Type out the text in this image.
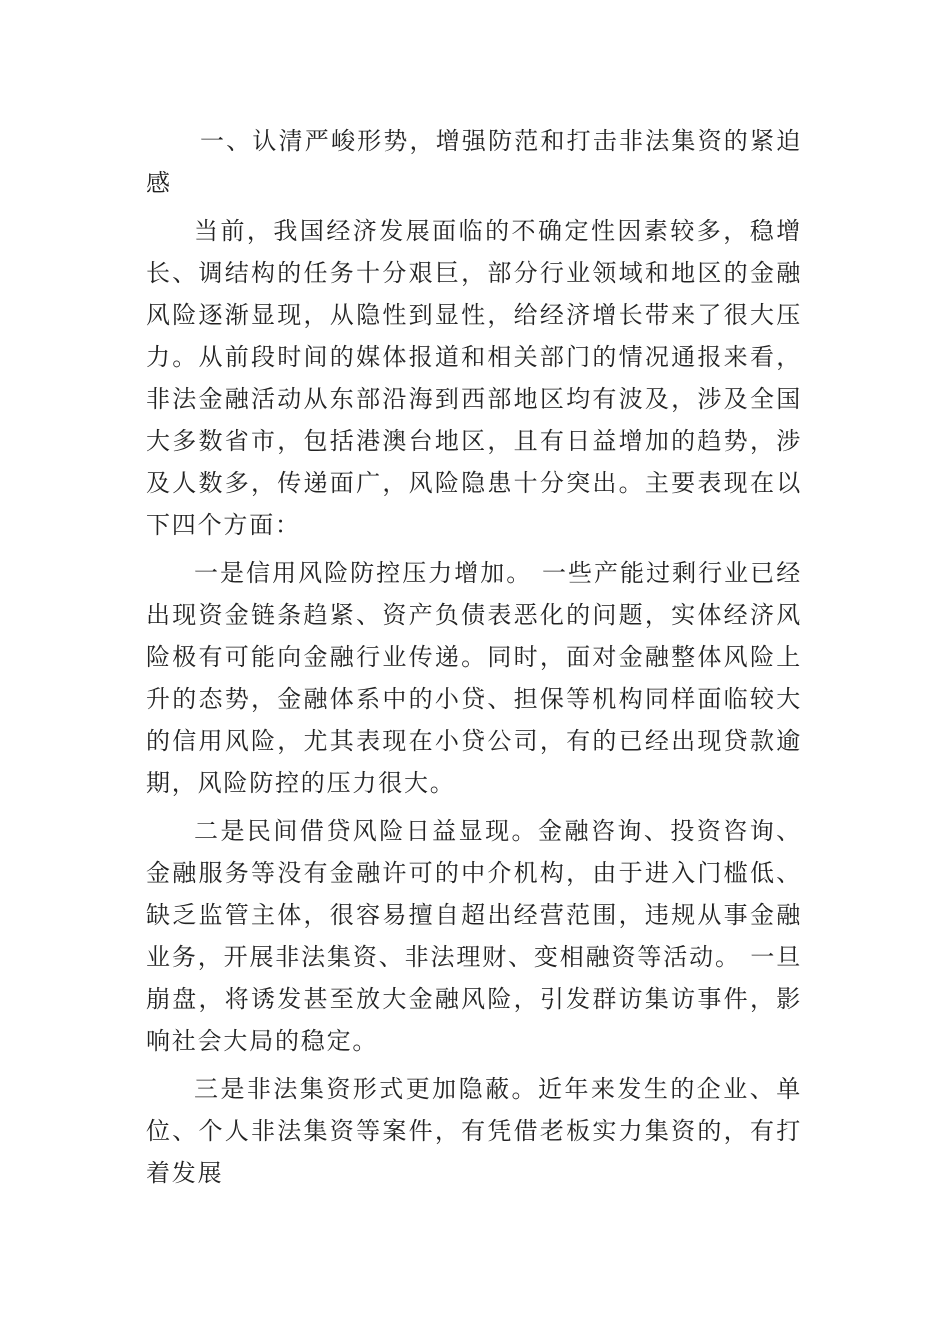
一、认清严峻形势，增强防范和打击非法集资的紧迫感

当前，我国经济发展面临的不确定性因素较多，稳增长、调结构的任务十分艰巨，部分行业领域和地区的金融风险逐渐显现，从隐性到显性，给经济增长带来了很大压力。从前段时间的媒体报道和相关部门的情况通报来看，非法金融活动从东部沿海到西部地区均有波及，涉及全国大多数省市，包括港澳台地区，且有日益增加的趋势，涉及人数多，传递面广，风险隐患十分突出。主要表现在以下四个方面：

一是信用风险防控压力增加。 一些产能过剩行业已经出现资金链条趋紧、资产负债表恶化的问题，实体经济风险极有可能向金融行业传递。同时，面对金融整体风险上升的态势，金融体系中的小贷、担保等机构同样面临较大的信用风险，尤其表现在小贷公司，有的已经出现贷款逾期，风险防控的压力很大。

二是民间借贷风险日益显现。金融咨询、投资咨询、金融服务等没有金融许可的中介机构，由于进入门槛低、缺乏监管主体，很容易擅自超出经营范围，违规从事金融业务，开展非法集资、非法理财、变相融资等活动。 一旦崩盘，将诱发甚至放大金融风险，引发群访集访事件，影响社会大局的稳定。

三是非法集资形式更加隐蔽。近年来发生的企业、单位、个人非法集资等案件，有凭借老板实力集资的，有打着发展
